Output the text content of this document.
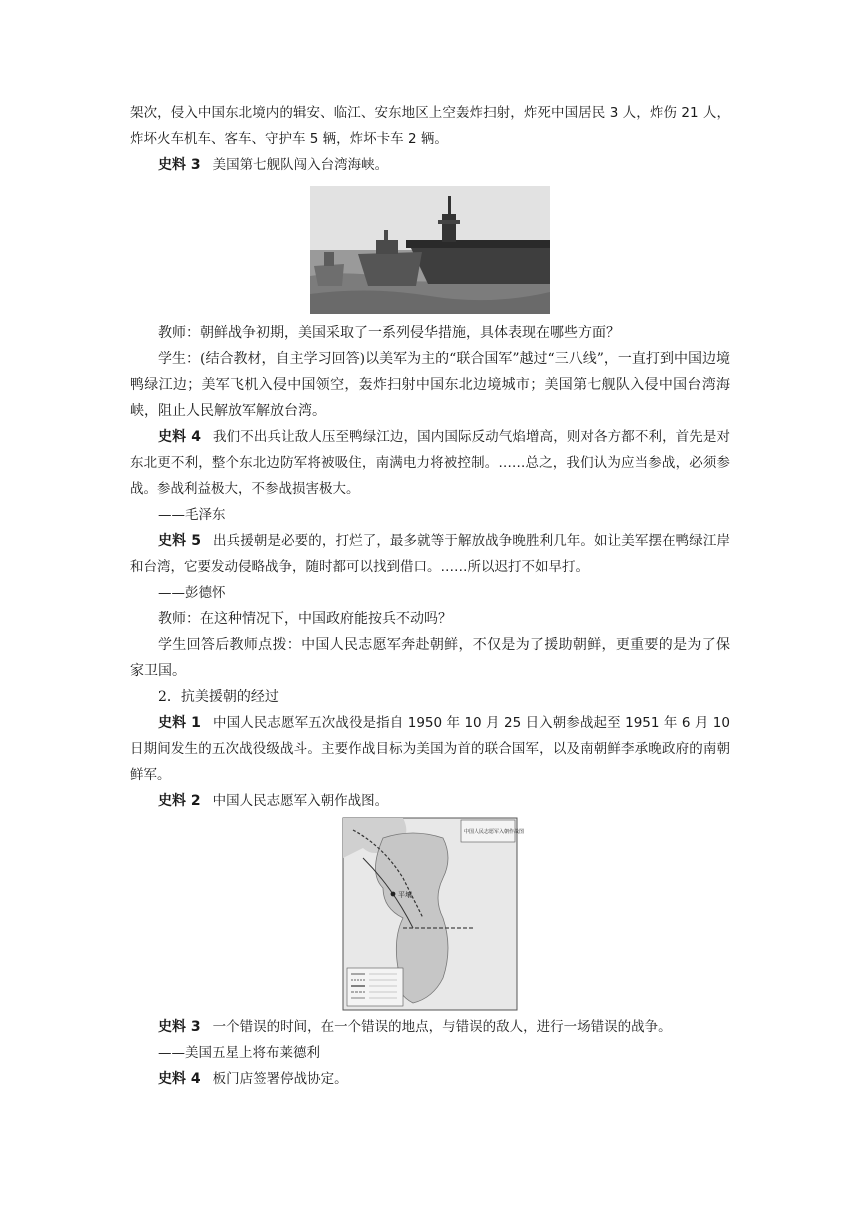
架次，侵入中国东北境内的辑安、临江、安东地区上空轰炸扫射，炸死中国居民 3 人，炸伤 21 人，炸坏火车机车、客车、守护车 5 辆，炸坏卡车 2 辆。

史料 3 美国第七舰队闯入台湾海峡。

教师：朝鲜战争初期，美国采取了一系列侵华措施，具体表现在哪些方面？

学生：(结合教材，自主学习回答)以美军为主的“联合国军”越过“三八线”，一直打到中国边境鸭绿江边；美军飞机入侵中国领空，轰炸扫射中国东北边境城市；美国第七舰队入侵中国台湾海峡，阻止人民解放军解放台湾。

史料 4 我们不出兵让敌人压至鸭绿江边，国内国际反动气焰增高，则对各方都不利，首先是对东北更不利，整个东北边防军将被吸住，南满电力将被控制。……总之，我们认为应当参战，必须参战。参战利益极大，不参战损害极大。

——毛泽东

史料 5 出兵援朝是必要的，打烂了，最多就等于解放战争晚胜利几年。如让美军摆在鸭绿江岸和台湾，它要发动侵略战争，随时都可以找到借口。……所以迟打不如早打。

——彭德怀

教师：在这种情况下，中国政府能按兵不动吗？

学生回答后教师点拨：中国人民志愿军奔赴朝鲜，不仅是为了援助朝鲜，更重要的是为了保家卫国。

2．抗美援朝的经过

史料 1 中国人民志愿军五次战役是指自 1950 年 10 月 25 日入朝参战起至 1951 年 6 月 10 日期间发生的五次战役级战斗。主要作战目标为美国为首的联合国军，以及南朝鲜李承晚政府的南朝鲜军。

史料 2 中国人民志愿军入朝作战图。

平壤
中国人民志愿军入朝作战图

史料 3 一个错误的时间，在一个错误的地点，与错误的敌人，进行一场错误的战争。

——美国五星上将布莱德利

史料 4 板门店签署停战协定。
